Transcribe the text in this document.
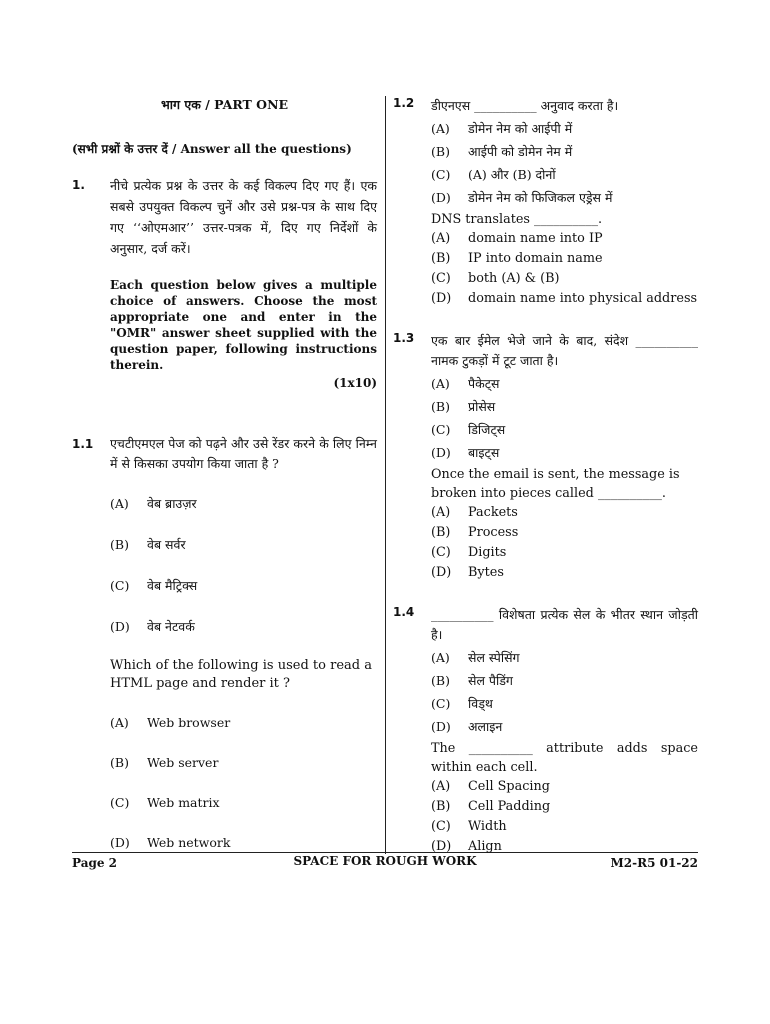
भाग एक / PART ONE
(सभी प्रश्नों के उत्तर दें / Answer all the questions)
1.	नीचे प्रत्येक प्रश्न के उत्तर के कई विकल्प दिए गए हैं। एक सबसे उपयुक्त विकल्प चुनें और उसे प्रश्न-पत्र के साथ दिए गए ‘‘ओएमआर’’ उत्तर-पत्रक में, दिए गए निर्देशों के अनुसार, दर्ज करें।
Each question below gives a multiple choice of answers. Choose the most appropriate one and enter in the "OMR" answer sheet supplied with the question paper, following instructions therein.
(1x10)
1.1	एचटीएमएल पेज को पढ़ने और उसे रेंडर करने के लिए निम्न में से किसका उपयोग किया जाता है ?
(A)	वेब ब्राउज़र
(B)	वेब सर्वर
(C)	वेब मैट्रिक्स
(D)	वेब नेटवर्क
Which of the following is used to read a HTML page and render it ?
(A)	Web browser
(B)	Web server
(C)	Web matrix
(D)	Web network
1.2	डीएनएस __________ अनुवाद करता है।
(A)	डोमेन नेम को आईपी में
(B)	आईपी को डोमेन नेम में
(C)	(A) और (B) दोनों
(D)	डोमेन नेम को फिजिकल एड्रेस में
DNS translates __________.
(A)	domain name into IP
(B)	IP into domain name
(C)	both (A) & (B)
(D)	domain name into physical address
1.3	एक बार ईमेल भेजे जाने के बाद, संदेश __________ नामक टुकड़ों में टूट जाता है।
(A)	पैकेट्स
(B)	प्रोसेस
(C)	डिजिट्स
(D)	बाइट्स
Once the email is sent, the message is broken into pieces called __________.
(A)	Packets
(B)	Process
(C)	Digits
(D)	Bytes
1.4	__________ विशेषता प्रत्येक सेल के भीतर स्थान जोड़ती है।
(A)	सेल स्पेसिंग
(B)	सेल पैडिंग
(C)	विड्थ
(D)	अलाइन
The __________ attribute adds space within each cell.
(A)	Cell Spacing
(B)	Cell Padding
(C)	Width
(D)	Align
Page 2	SPACE FOR ROUGH WORK	M2-R5 01-22
